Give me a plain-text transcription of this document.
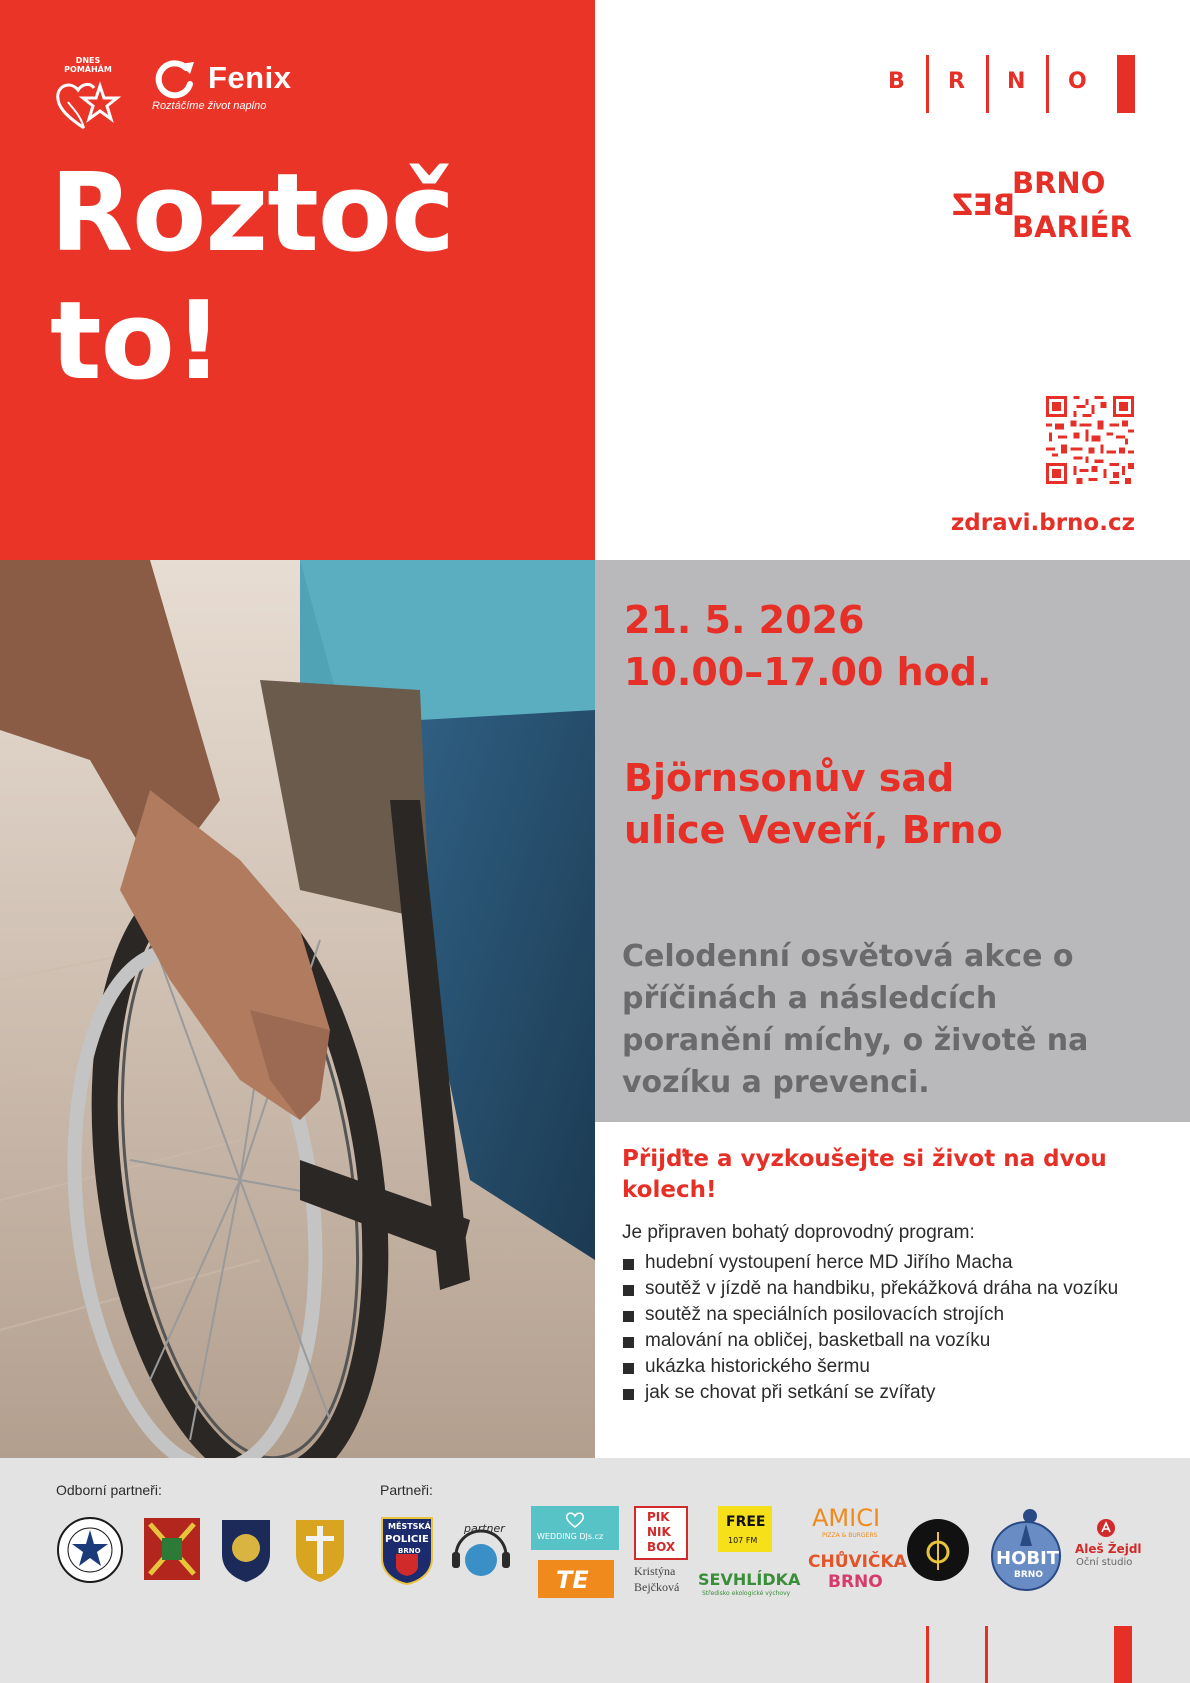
DNES POMÁHÁM	Fenix
Roztáčíme život naplno
Roztoč
to!
B R N O
BRNO
BEZ
BARIÉR
zdravi.brno.cz
21. 5. 2026
10.00–17.00 hod.
Björnsonův sad
ulice Veveří, Brno
Celodenní osvětová akce o příčinách a následcích poranění míchy, o životě na vozíku a prevenci.
Přijďte a vyzkoušejte si život na dvou kolech!
Je připraven bohatý doprovodný program:
hudební vystoupení herce MD Jiřího Macha
soutěž v jízdě na handbiku, překážková dráha na vozíku
soutěž na speciálních posilovacích strojích
malování na obličej, basketball na vozíku
ukázka historického šermu
jak se chovat při setkání se zvířaty
Odborní partneři:	Partneři:
MĚSTSKÁ
POLICIE
BRNO
partner
WEDDING DJs.cz
TE
PIK
NIK
BOX
Kristýna
Bejčková
FREE
107 FM
SEVHLÍDKA
Středisko ekologické výchovy
AMICI
PIZZA & BURGERS
CHŮVIČKA
BRNO
HOBIT
BRNO
Aleš Žejdl
Oční studio
